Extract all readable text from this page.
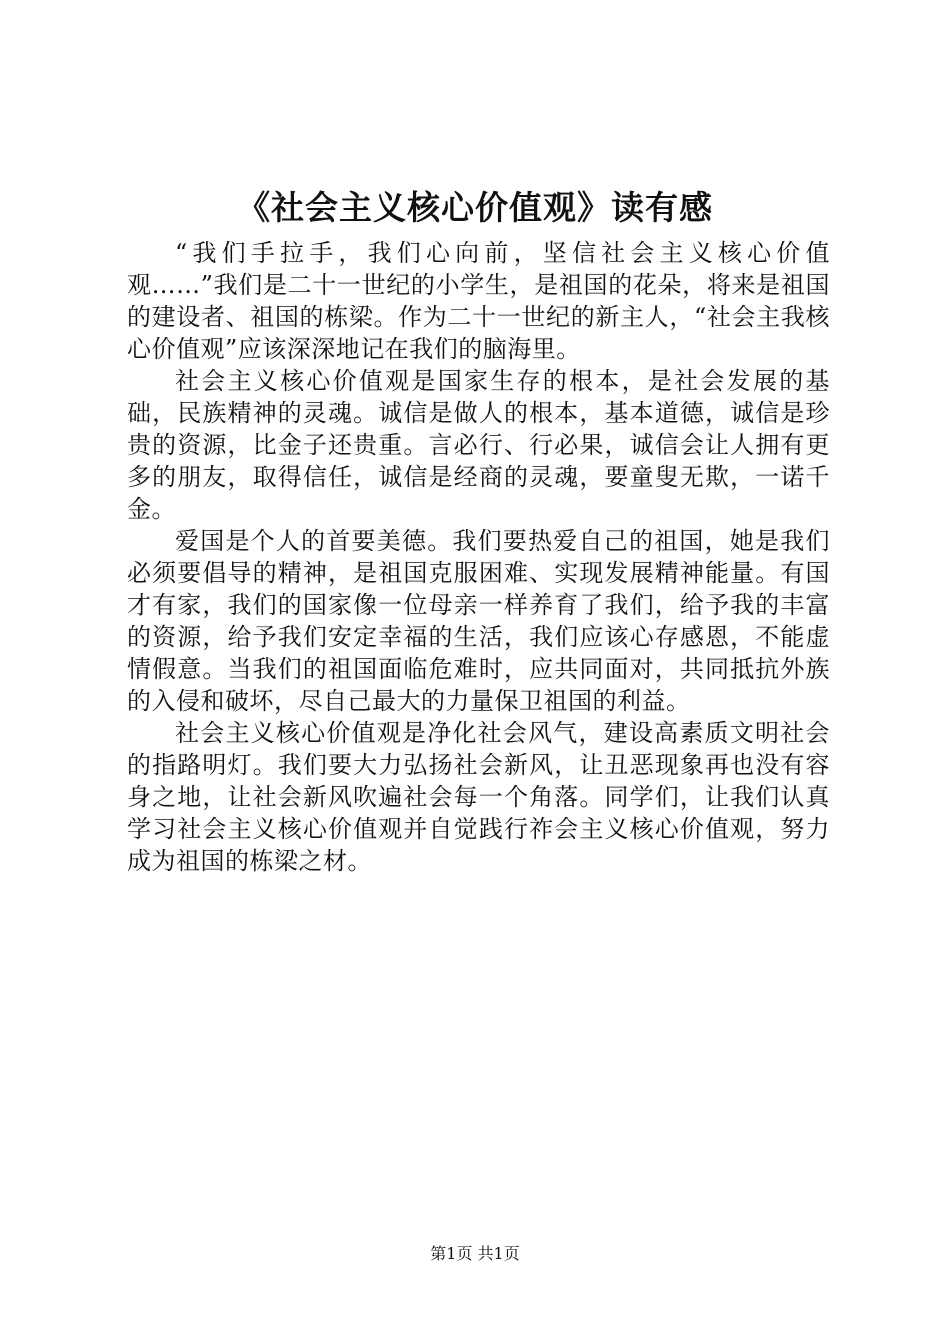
《社会主义核心价值观》读有感

“我们手拉手，我们心向前，坚信社会主义核心价值观……”我们是二十一世纪的小学生，是祖国的花朵，将来是祖国的建设者、祖国的栋梁。作为二十一世纪的新主人，“社会主我核心价值观”应该深深地记在我们的脑海里。

社会主义核心价值观是国家生存的根本，是社会发展的基础，民族精神的灵魂。诚信是做人的根本，基本道德，诚信是珍贵的资源，比金子还贵重。言必行、行必果，诚信会让人拥有更多的朋友，取得信任，诚信是经商的灵魂，要童叟无欺，一诺千金。

爱国是个人的首要美德。我们要热爱自己的祖国，她是我们必须要倡导的精神，是祖国克服困难、实现发展精神能量。有国才有家，我们的国家像一位母亲一样养育了我们，给予我的丰富的资源，给予我们安定幸福的生活，我们应该心存感恩，不能虚情假意。当我们的祖国面临危难时，应共同面对，共同抵抗外族的入侵和破坏，尽自己最大的力量保卫祖国的利益。

社会主义核心价值观是净化社会风气，建设高素质文明社会的指路明灯。我们要大力弘扬社会新风，让丑恶现象再也没有容身之地，让社会新风吹遍社会每一个角落。同学们，让我们认真学习社会主义核心价值观并自觉践行祚会主义核心价值观，努力成为祖国的栋梁之材。

第1页 共1页
